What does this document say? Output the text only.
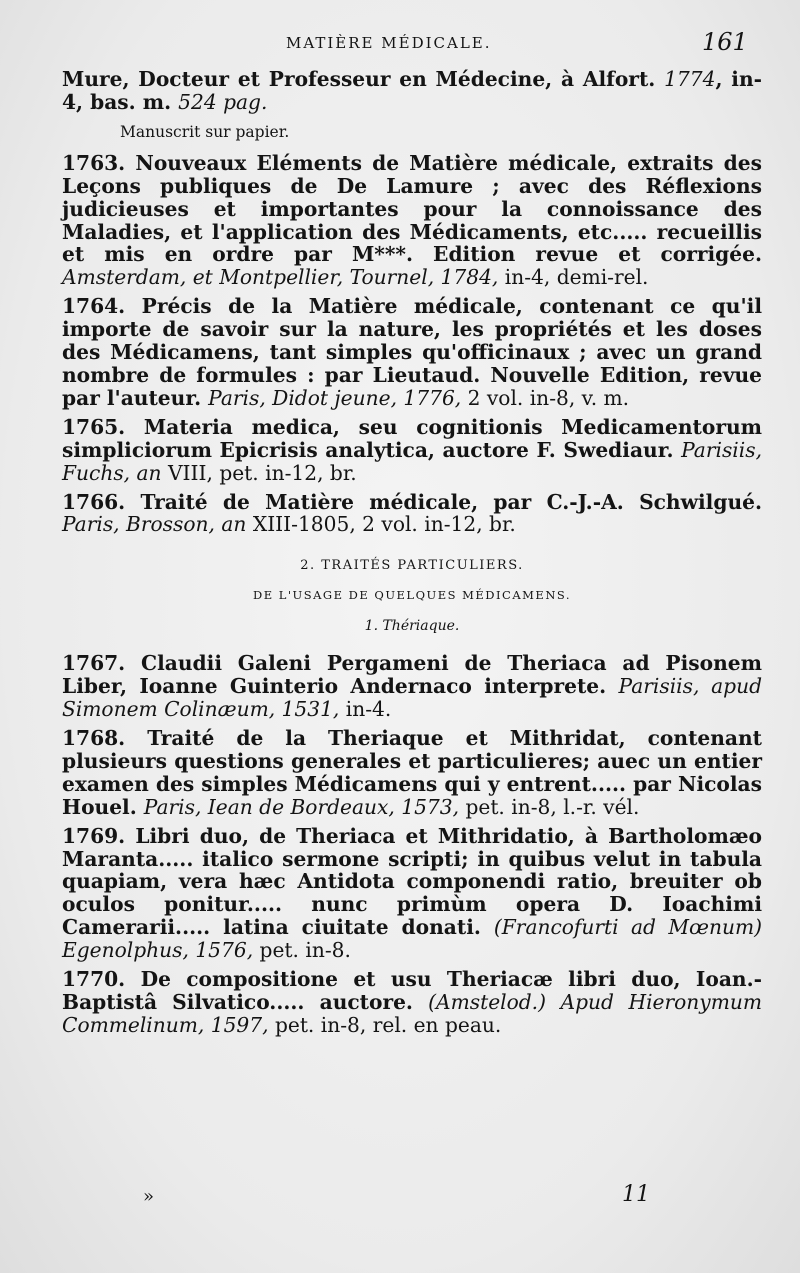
MATIÈRE MÉDICALE.	161

Mure, Docteur et Professeur en Médecine, à Alfort. 1774, in-4, bas. m. 524 pag.

Manuscrit sur papier.

1763. Nouveaux Eléments de Matière médicale, extraits des Leçons publiques de De Lamure ; avec des Réflexions judicieuses et importantes pour la connoissance des Maladies, et l'application des Médicaments, etc..... recueillis et mis en ordre par M***. Edition revue et corrigée. Amsterdam, et Montpellier, Tournel, 1784, in-4, demi-rel.

1764. Précis de la Matière médicale, contenant ce qu'il importe de savoir sur la nature, les propriétés et les doses des Médicamens, tant simples qu'officinaux ; avec un grand nombre de formules : par Lieutaud. Nouvelle Edition, revue par l'auteur. Paris, Didot jeune, 1776, 2 vol. in-8, v. m.

1765. Materia medica, seu cognitionis Medicamentorum simpliciorum Epicrisis analytica, auctore F. Swediaur. Parisiis, Fuchs, an VIII, pet. in-12, br.

1766. Traité de Matière médicale, par C.-J.-A. Schwilgué. Paris, Brosson, an XIII-1805, 2 vol. in-12, br.

2. TRAITÉS PARTICULIERS.
DE L'USAGE DE QUELQUES MÉDICAMENS.
1. Thériaque.

1767. Claudii Galeni Pergameni de Theriaca ad Pisonem Liber, Ioanne Guinterio Andernaco interprete. Parisiis, apud Simonem Colinæum, 1531, in-4.

1768. Traité de la Theriaque et Mithridat, contenant plusieurs questions generales et particulieres; auec un entier examen des simples Médicamens qui y entrent..... par Nicolas Houel. Paris, Iean de Bordeaux, 1573, pet. in-8, l.-r. vél.

1769. Libri duo, de Theriaca et Mithridatio, à Bartholomæo Maranta..... italico sermone scripti; in quibus velut in tabula quapiam, vera hæc Antidota componendi ratio, breuiter ob oculos ponitur..... nunc primùm opera D. Ioachimi Camerarii..... latina ciuitate donati. (Francofurti ad Mœnum) Egenolphus, 1576, pet. in-8.

1770. De compositione et usu Theriacæ libri duo, Ioan.-Baptistâ Silvatico..... auctore. (Amstelod.) Apud Hieronymum Commelinum, 1597, pet. in-8, rel. en peau.

»	11
